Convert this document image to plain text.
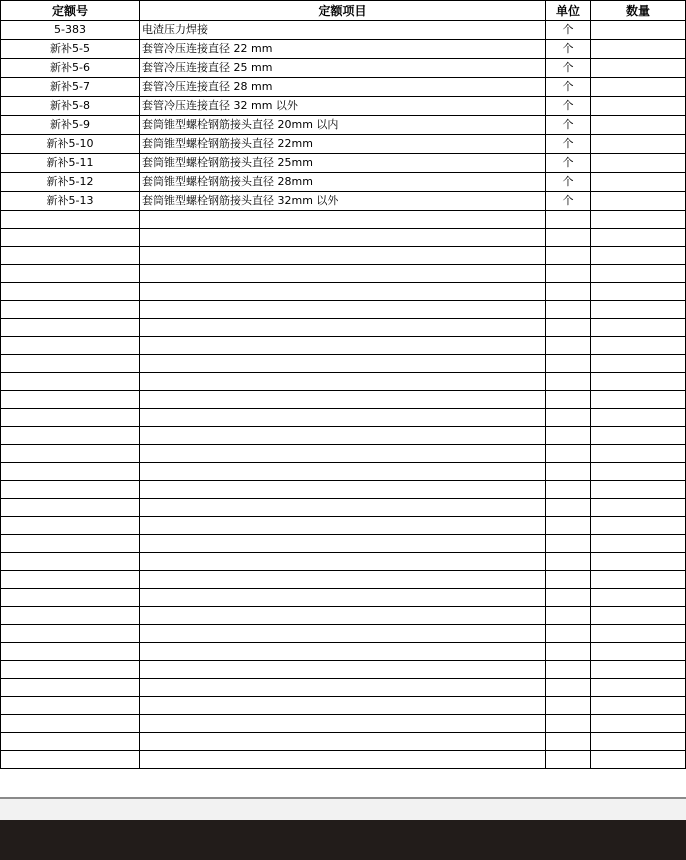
定额号	定额项目	单位	数量
5-383	电渣压力焊接	个	
新补5-5	套管冷压连接直径 22 mm	个	
新补5-6	套管冷压连接直径 25 mm	个	
新补5-7	套管冷压连接直径 28 mm	个	
新补5-8	套管冷压连接直径 32 mm 以外	个	
新补5-9	套筒锥型螺栓钢筋接头直径 20mm 以内	个	
新补5-10	套筒锥型螺栓钢筋接头直径 22mm	个	
新补5-11	套筒锥型螺栓钢筋接头直径 25mm	个	
新补5-12	套筒锥型螺栓钢筋接头直径 28mm	个	
新补5-13	套筒锥型螺栓钢筋接头直径 32mm 以外	个	
